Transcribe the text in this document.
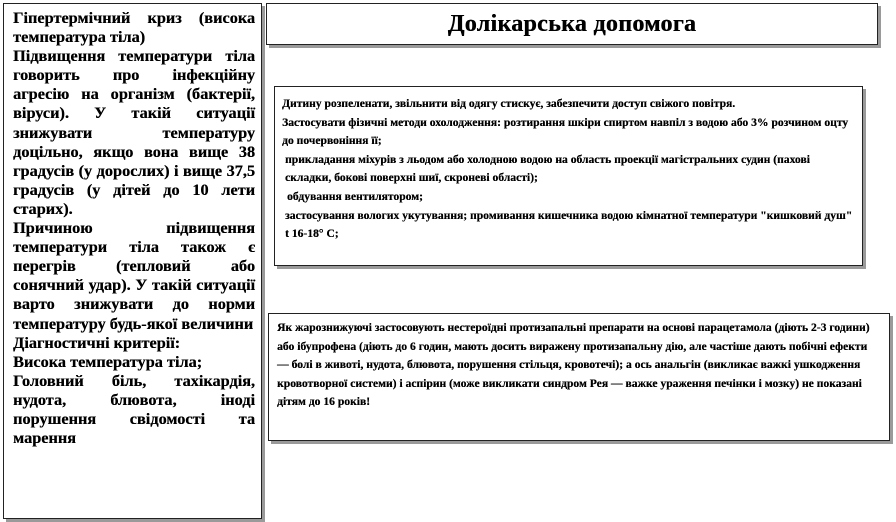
Гіпертермічний криз (висока температура тіла)

Підвищення температури тіла говорить про інфекційну агресію на організм (бактерії, віруси). У такій ситуації знижувати температуру доцільно, якщо вона вище 38 градусів (у дорослих) і вище 37,5 градусів (у дітей до 10 лети старих).

Причиною підвищення температури тіла також є перегрів (тепловий або сонячний удар). У такій ситуації варто знижувати до норми температуру будь-якої величини

Діагностичні критерії:

Висока температура тіла;

Головний біль, тахікардія, нудота, блювота, іноді порушення свідомості та марення

Долікарська допомога

Дитину розпеленати, звільнити від одягу стискує, забезпечити доступ свіжого повітря.

Застосувати фізичні методи охолодження: розтирання шкіри спиртом навпіл з водою або 3% розчином оцту до почервоніння її;

прикладання міхурів з льодом або холодною водою на область проекції магістральних судин (пахові складки, бокові поверхні шиї, скроневі області);

обдування вентилятором;

застосування вологих укутування; промивання кишечника водою кімнатної температури "кишковий душ" t 16-18° С;

Як жарознижуючі застосовують нестероїдні протизапальні препарати на основі парацетамола (діють 2-3 години) або ібупрофена (діють до 6 годин, мають досить виражену протизапальну дію, але частіше дають побічні ефекти — болі в животі, нудота, блювота, порушення стільця, кровотечі); а ось анальгін (викликає важкі ушкодження кровотворної системи) і аспірин (може викликати синдром Рея — важке ураження печінки і мозку) не показані дітям до 16 років!
